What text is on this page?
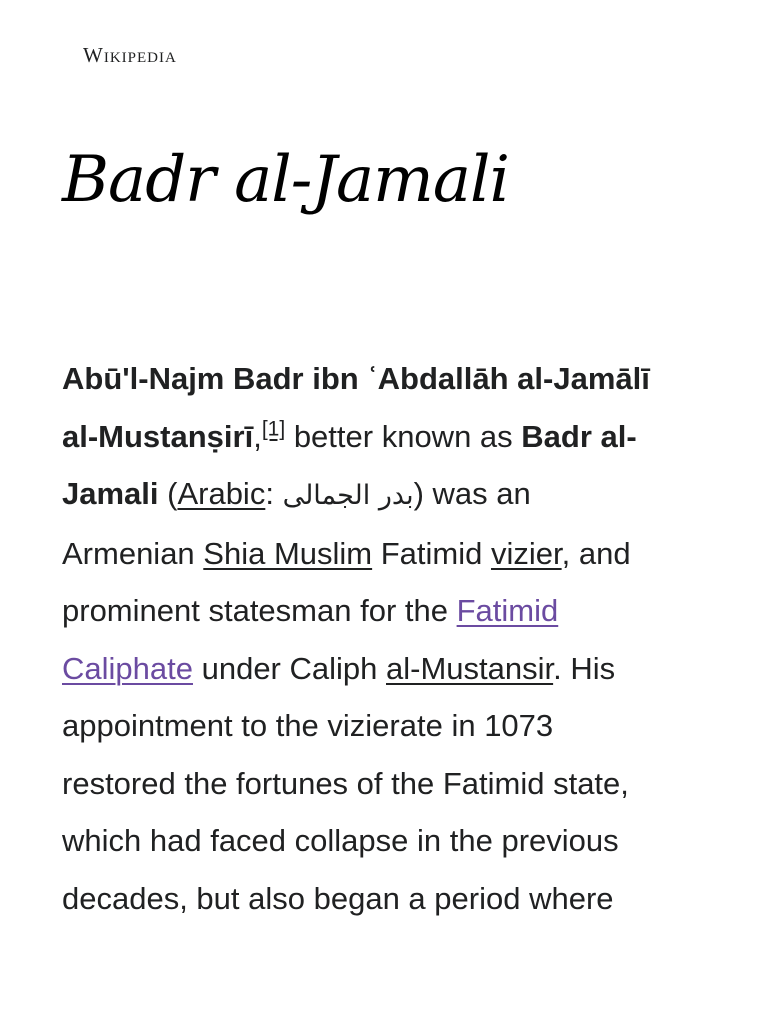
Wikipedia
Badr al-Jamali

Abū'l-Najm Badr ibn ʿAbdallāh al-Jamālī
al-Mustanṣirī,[1] better known as Badr al-
Jamali (Arabic: بدر الجمالی) was an
Armenian Shia Muslim Fatimid vizier, and
prominent statesman for the Fatimid
Caliphate under Caliph al-Mustansir. His
appointment to the vizierate in 1073
restored the fortunes of the Fatimid state,
which had faced collapse in the previous
decades, but also began a period where
